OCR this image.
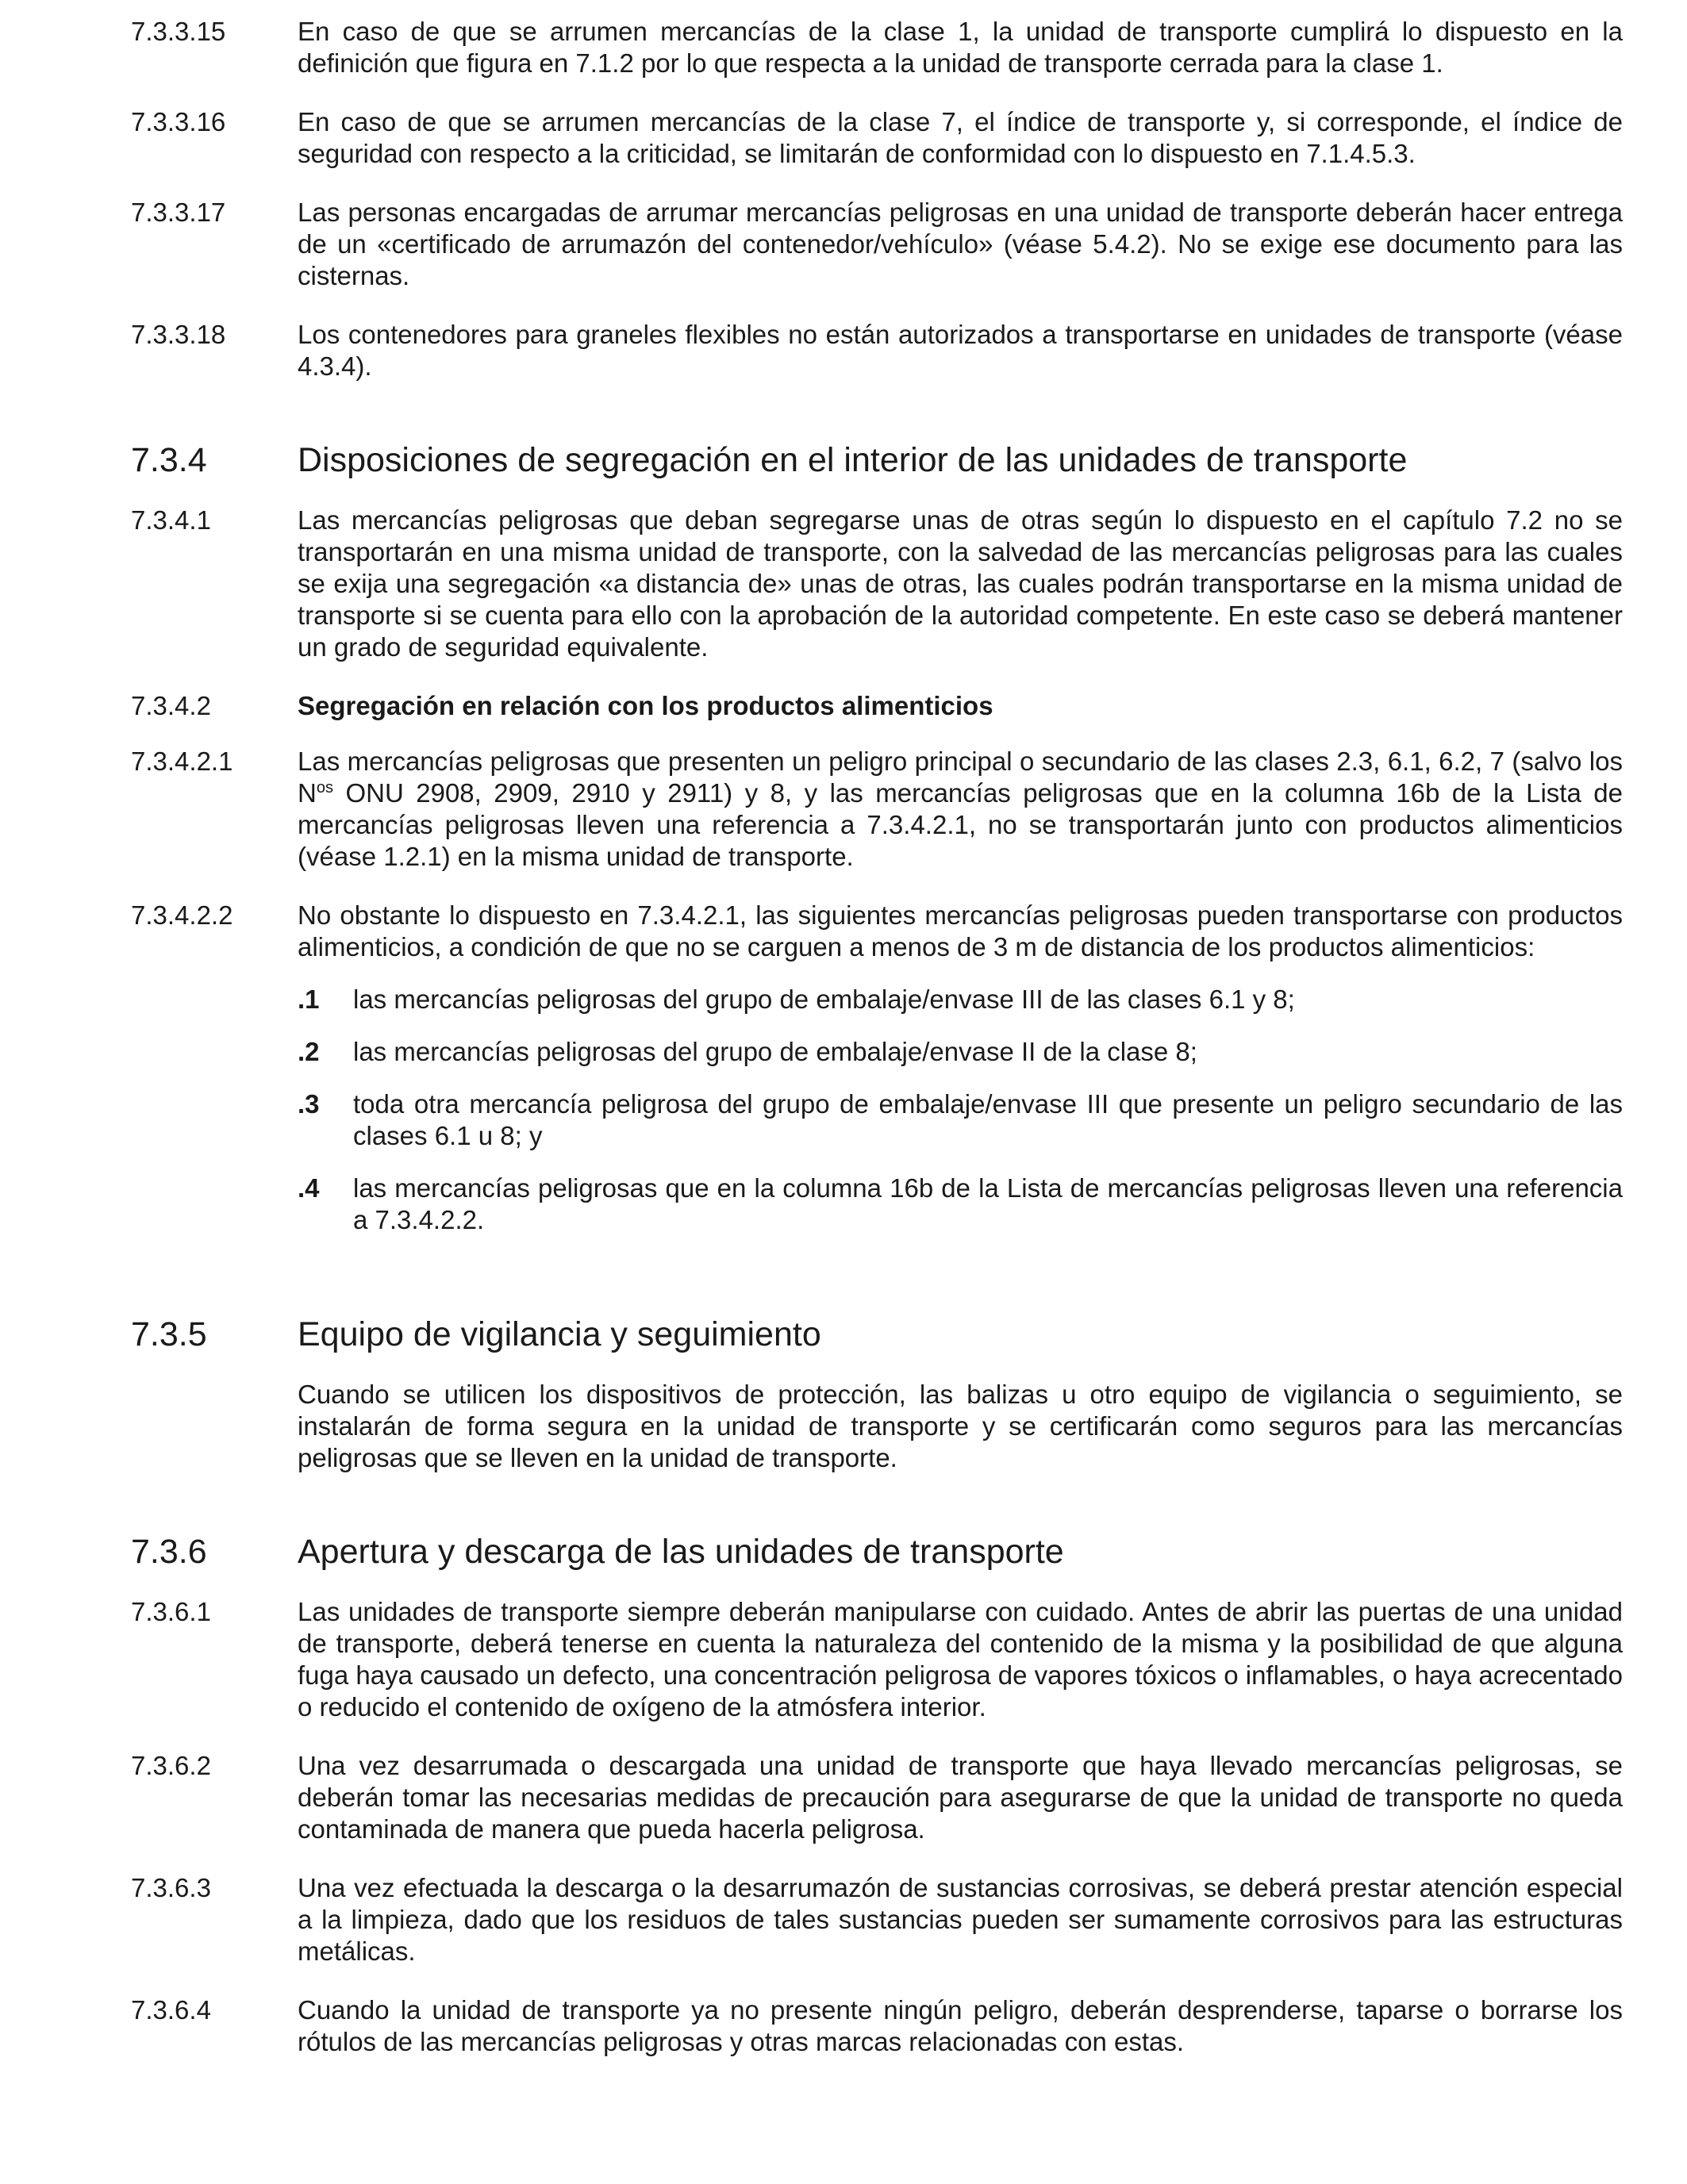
7.3.3.15	En caso de que se arrumen mercancías de la clase 1, la unidad de transporte cumplirá lo dispuesto en la definición que figura en 7.1.2 por lo que respecta a la unidad de transporte cerrada para la clase 1.
7.3.3.16	En caso de que se arrumen mercancías de la clase 7, el índice de transporte y, si corresponde, el índice de seguridad con respecto a la criticidad, se limitarán de conformidad con lo dispuesto en 7.1.4.5.3.
7.3.3.17	Las personas encargadas de arrumar mercancías peligrosas en una unidad de transporte deberán hacer entrega de un «certificado de arrumazón del contenedor/vehículo» (véase 5.4.2). No se exige ese documento para las cisternas.
7.3.3.18	Los contenedores para graneles flexibles no están autorizados a transportarse en unidades de transporte (véase 4.3.4).
7.3.4	Disposiciones de segregación en el interior de las unidades de transporte
7.3.4.1	Las mercancías peligrosas que deban segregarse unas de otras según lo dispuesto en el capítulo 7.2 no se transportarán en una misma unidad de transporte, con la salvedad de las mercancías peligrosas para las cuales se exija una segregación «a distancia de» unas de otras, las cuales podrán transportarse en la misma unidad de transporte si se cuenta para ello con la aprobación de la autoridad competente. En este caso se deberá mantener un grado de seguridad equivalente.
7.3.4.2	Segregación en relación con los productos alimenticios
7.3.4.2.1	Las mercancías peligrosas que presenten un peligro principal o secundario de las clases 2.3, 6.1, 6.2, 7 (salvo los $N^{os}$ ONU 2908, 2909, 2910 y 2911) y 8, y las mercancías peligrosas que en la columna 16b de la Lista de mercancías peligrosas lleven una referencia a 7.3.4.2.1, no se transportarán junto con productos alimenticios (véase 1.2.1) en la misma unidad de transporte.
7.3.4.2.2	No obstante lo dispuesto en 7.3.4.2.1, las siguientes mercancías peligrosas pueden transportarse con productos alimenticios, a condición de que no se carguen a menos de 3 m de distancia de los productos alimenticios:
.1	las mercancías peligrosas del grupo de embalaje/envase III de las clases 6.1 y 8;
.2	las mercancías peligrosas del grupo de embalaje/envase II de la clase 8;
.3	toda otra mercancía peligrosa del grupo de embalaje/envase III que presente un peligro secundario de las clases 6.1 u 8; y
.4	las mercancías peligrosas que en la columna 16b de la Lista de mercancías peligrosas lleven una referencia a 7.3.4.2.2.
7.3.5	Equipo de vigilancia y seguimiento
Cuando se utilicen los dispositivos de protección, las balizas u otro equipo de vigilancia o seguimiento, se instalarán de forma segura en la unidad de transporte y se certificarán como seguros para las mercancías peligrosas que se lleven en la unidad de transporte.
7.3.6	Apertura y descarga de las unidades de transporte
7.3.6.1	Las unidades de transporte siempre deberán manipularse con cuidado. Antes de abrir las puertas de una unidad de transporte, deberá tenerse en cuenta la naturaleza del contenido de la misma y la posibilidad de que alguna fuga haya causado un defecto, una concentración peligrosa de vapores tóxicos o inflamables, o haya acrecentado o reducido el contenido de oxígeno de la atmósfera interior.
7.3.6.2	Una vez desarrumada o descargada una unidad de transporte que haya llevado mercancías peligrosas, se deberán tomar las necesarias medidas de precaución para asegurarse de que la unidad de transporte no queda contaminada de manera que pueda hacerla peligrosa.
7.3.6.3	Una vez efectuada la descarga o la desarrumazón de sustancias corrosivas, se deberá prestar atención especial a la limpieza, dado que los residuos de tales sustancias pueden ser sumamente corrosivos para las estructuras metálicas.
7.3.6.4	Cuando la unidad de transporte ya no presente ningún peligro, deberán desprenderse, taparse o borrarse los rótulos de las mercancías peligrosas y otras marcas relacionadas con estas.
